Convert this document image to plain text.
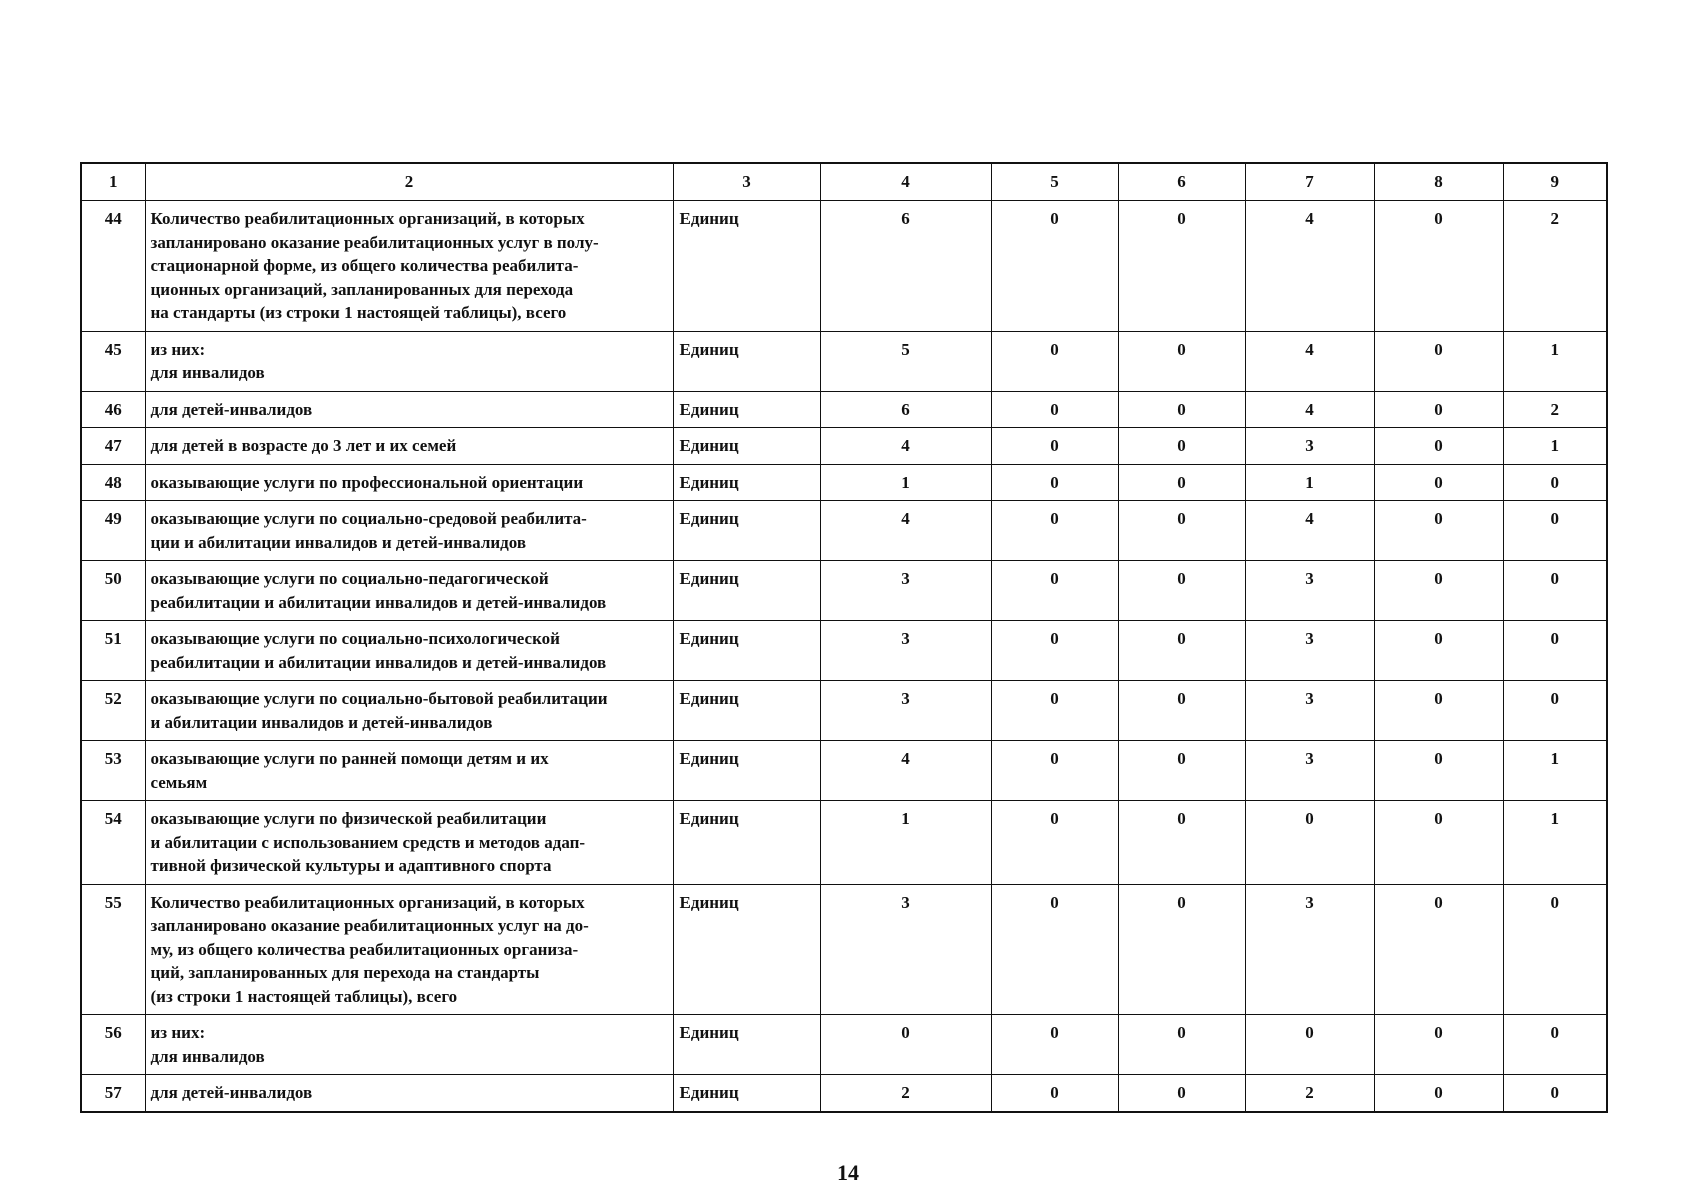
1	2	3	4	5	6	7	8	9
44	Количество реабилитационных организаций, в которых
запланировано оказание реабилитационных услуг в полу-
стационарной форме, из общего количества реабилита-
ционных организаций, запланированных для перехода
на стандарты (из строки 1 настоящей таблицы), всего	Единиц	6	0	0	4	0	2
45	из них:
для инвалидов	Единиц	5	0	0	4	0	1
46	для детей-инвалидов	Единиц	6	0	0	4	0	2
47	для детей в возрасте до 3 лет и их семей	Единиц	4	0	0	3	0	1
48	оказывающие услуги по профессиональной ориентации	Единиц	1	0	0	1	0	0
49	оказывающие услуги по социально-средовой реабилита-
ции и абилитации инвалидов и детей-инвалидов	Единиц	4	0	0	4	0	0
50	оказывающие услуги по социально-педагогической
реабилитации и абилитации инвалидов и детей-инвалидов	Единиц	3	0	0	3	0	0
51	оказывающие услуги по социально-психологической
реабилитации и абилитации инвалидов и детей-инвалидов	Единиц	3	0	0	3	0	0
52	оказывающие услуги по социально-бытовой реабилитации
и абилитации инвалидов и детей-инвалидов	Единиц	3	0	0	3	0	0
53	оказывающие услуги по ранней помощи детям и их
семьям	Единиц	4	0	0	3	0	1
54	оказывающие услуги по физической реабилитации
и абилитации с использованием средств и методов адап-
тивной физической культуры и адаптивного спорта	Единиц	1	0	0	0	0	1
55	Количество реабилитационных организаций, в которых
запланировано оказание реабилитационных услуг на до-
му, из общего количества реабилитационных организа-
ций, запланированных для перехода на стандарты
(из строки 1 настоящей таблицы), всего	Единиц	3	0	0	3	0	0
56	из них:
для инвалидов	Единиц	0	0	0	0	0	0
57	для детей-инвалидов	Единиц	2	0	0	2	0	0
14
